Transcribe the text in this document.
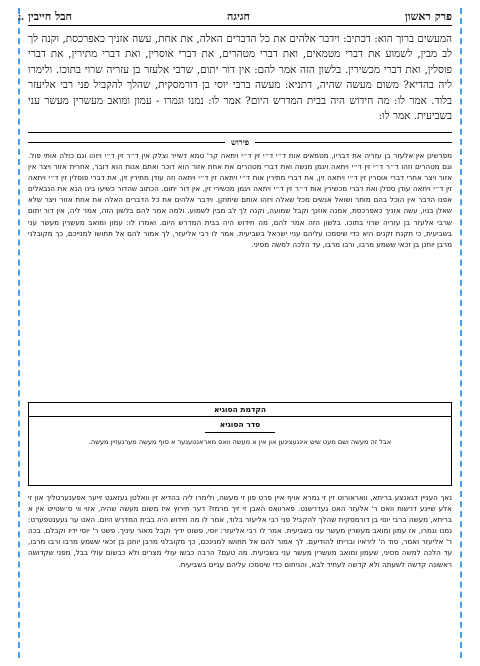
ג.	פרק ראשון
חגיגה
חבל חייבין
המעשים ברוך הוא: דכתיב: וידבר אלהים את כל הדברים האלה, את אחת, עשה אזניך כאפרכסת, וקנה לך לב מבין, לשמוע את דברי מטמאים, ואת דברי מטהרים, את דברי אוסרין, ואת דברי מתירין, את דברי פוסלין, ואת דברי מכשירין. בלשון הזה אמר להם: אין דור יתום, שרבי אלעזר בן עזריה שרוי בתוכו. ולימרו ליה בהדיא? משום מעשה שהיה, דתניא: מעשה ברבי יוסי בן דורמסקית, שהלך להקביל פני רבי אליעזר בלוד. אמר לו: מה חידוש היה בבית המדרש היום? אמר לו: נמנו וגמרו - עמון ומואב מעשרין מעשר עני בשביעית. אמר לו:
פירוש
מפרשינן אין אלעזר בן עזריה את דבריו, מטמאים אות ד״י ד״י זין ד״י ויתאה קר' טמא דשייר וצלק אין ד״ר זין ד״י ויזהו וגם כולה אותי פול. וגם מטהרים וזהו ד״ר ד״י זין ד״י ויתאה ויגמן מנשה ואת דברי מטהרים את אחת אזור הוא דוכר ואתם אנות הוא דובר, אחרית אזור ויצר אין אזור ויצר אחרי דברי אוסרין זין ד״י ויתאה זין, את דברי מתירין אות ד״י ויתאה זין ד״י ויתאה וזה עודן מתירין זין, את דברי פוסלין זין ד״י ויתאה זין ד״י ויתאה עודן ססלן ואת דברי מכשירין אות ד״ר זין ד״י ויתאה ויגמן מכשירי זין, אין דור יתום. הכתוב שהדור כשיעו בינו הנא את הנבאלים אפנו הדבר אין הוכל בהם מותר ושואל אנשים מכל שאלה ויזהו אותם שיתוקן. וידבר אלהים את כל הדברים האלה את אחת אזור ויצר שלא שאלן בניו, עשה אזניך כאפרכסת, אמנה אוזנך וקבל שמועה, וקנה לך לב מבין לשמוע. ולמה אמר להם בלשון הזה, אמר ליה, אין דור יתום שרבי אלעזר בן עזריה שרוי בתוכו. בלשון הזה אמר להם, מה חידוש היה בבית המדרש היום. ואמרו לו: עמון ומואב מעשרין מעשר עני בשביעית, כי תקנת זקנים היא כדי שיסמכו עליהם עניי ישראל בשביעית. אמר לו רבי אליעזר, לך אמור להם אל תחושו למנייכם, כך מקובלני מרבן יוחנן בן זכאי ששמע מרבו, ורבו מרבו, עד הלכה למשה מסיני.
הקדמת הסוגיא
סדר הסוגיא
אבל זה מעשה ושם מעט שיש אינגעצינען און אין א מעשה וואס מאראנטעגער א סוף מעשה מערגעזיין מעשה.
נאך העניין דגאנצע בריתא, וואראורוט זין זי גמרא אויף איין פרט פון זי מעשה, ולימרו ליה בהדיא זין וואלטן געזאגט זייער אפענערטליך און זי אלע שיינע דרשות וואס ר' אלעזר האט געדרשנט. פארוואס האבן זי זיך מרמז? דער תירוץ איז משום מעשה שהיה, אזוי ווי ס׳שטייט אין א בריתא, מעשה ברבי יוסי בן דורמסקית שהלך להקביל פני רבי אליעזר בלוד, אמר לו מה חידוש היה בבית המדרש היום. האט ער געענטפערט: נמנו וגמרו, אז עמון ומואב מעשרין מעשר עני בשביעית. אמר לו רבי אליעזר: יוסי, פשוט ידיך וקבל מאור עיניך. פשט ר' יוסי ידיו וקבלם. בכה ר' אליעזר ואמר, סוד ה' ליראיו ובריתו להודיעם. לך אמור להם אל תחושו למנינכם, כך מקובלני מרבן יוחנן בן זכאי ששמע מרבו ורבו מרבו, עד הלכה למשה מסיני, שעמון ומואב מעשרין מעשר עני בשביעית. מה טעם? הרבה כבשו עולי מצרים ולא כבשום עולי בבל, מפני שקדושה ראשונה קדשה לשעתה ולא קדשה לעתיד לבא, והניחום כדי שיסמכו עליהם עניים בשביעית.
